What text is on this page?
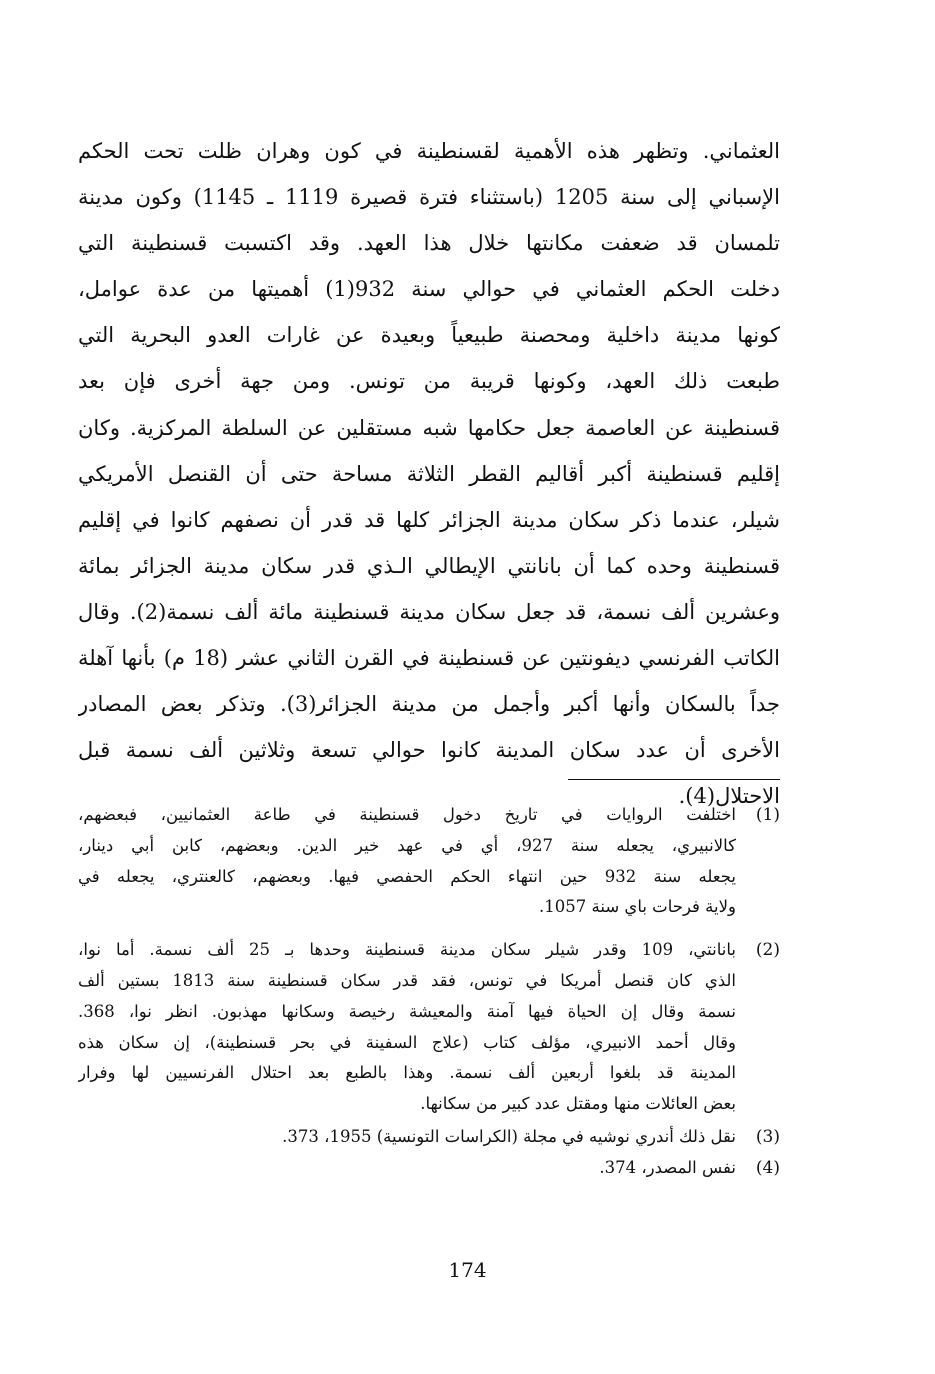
العثماني. وتظهر هذه الأهمية لقسنطينة في كون وهران ظلت تحت الحكم
الإسباني إلى سنة 1205 (باستثناء فترة قصيرة 1119 ـ 1145) وكون مدينة
تلمسان قد ضعفت مكانتها خلال هذا العهد. وقد اكتسبت قسنطينة التي
دخلت الحكم العثماني في حوالي سنة 932(1) أهميتها من عدة عوامل،
كونها مدينة داخلية ومحصنة طبيعياً وبعيدة عن غارات العدو البحرية التي
طبعت ذلك العهد، وكونها قريبة من تونس. ومن جهة أخرى فإن بعد
قسنطينة عن العاصمة جعل حكامها شبه مستقلين عن السلطة المركزية. وكان
إقليم قسنطينة أكبر أقاليم القطر الثلاثة مساحة حتى أن القنصل الأمريكي
شيلر، عندما ذكر سكان مدينة الجزائر كلها قد قدر أن نصفهم كانوا في إقليم
قسنطينة وحده كما أن بانانتي الإيطالي الـذي قدر سكان مدينة الجزائر بمائة
وعشرين ألف نسمة، قد جعل سكان مدينة قسنطينة مائة ألف نسمة(2). وقال
الكاتب الفرنسي ديفونتين عن قسنطينة في القرن الثاني عشر (18 م) بأنها آهلة
جداً بالسكان وأنها أكبر وأجمل من مدينة الجزائر(3). وتذكر بعض المصادر
الأخرى أن عدد سكان المدينة كانوا حوالي تسعة وثلاثين ألف نسمة قبل
الاحتلال(4).
(1)
اختلفت الروايات في تاريخ دخول قسنطينة في طاعة العثمانيين، فبعضهم،
كالانبيري، يجعله سنة 927، أي في عهد خير الدين. وبعضهم، كابن أبي دينار،
يجعله سنة 932 حين انتهاء الحكم الحفصي فيها. وبعضهم، كالعنتري، يجعله في
ولاية فرحات باي سنة 1057.
(2)
بانانتي، 109 وقدر شيلر سكان مدينة قسنطينة وحدها بـ 25 ألف نسمة. أما نوا،
الذي كان قنصل أمريكا في تونس، فقد قدر سكان قسنطينة سنة 1813 بستين ألف
نسمة وقال إن الحياة فيها آمنة والمعيشة رخيصة وسكانها مهذبون. انظر نوا، 368.
وقال أحمد الانبيري، مؤلف كتاب (علاج السفينة في بحر قسنطينة)، إن سكان هذه
المدينة قد بلغوا أربعين ألف نسمة. وهذا بالطبع بعد احتلال الفرنسيين لها وفرار
بعض العائلات منها ومقتل عدد كبير من سكانها.
(3)
نقل ذلك أندري نوشيه في مجلة (الكراسات التونسية) 1955، 373.
(4)
نفس المصدر، 374.
174
